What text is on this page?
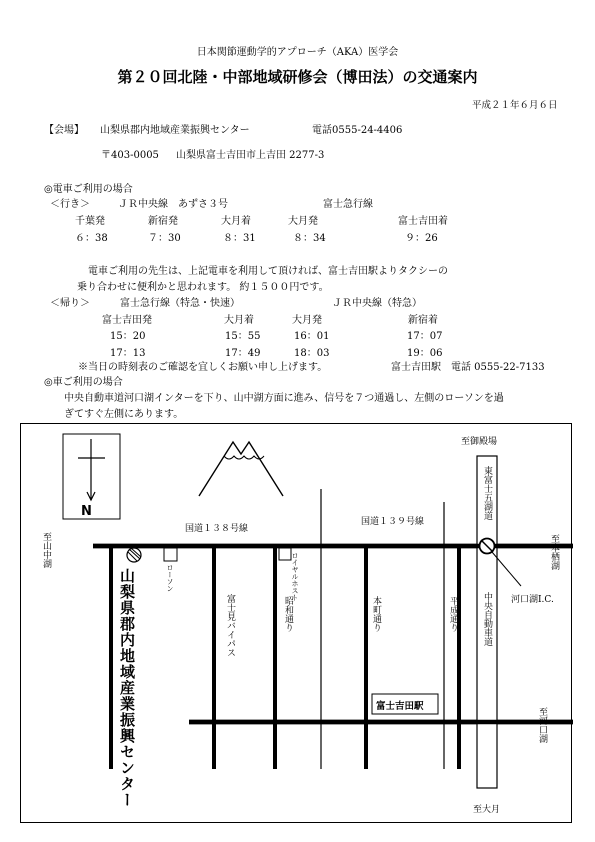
日本関節運動学的アプローチ（AKA）医学会
第２０回北陸・中部地域研修会（博田法）の交通案内
平成２１年６月６日
【会場】 山梨県郡内地域産業振興センター	電話0555-24-4406
〒403-0005 山梨県富士吉田市上吉田 2277-3
◎電車ご利用の場合
＜行き＞	ＪＲ中央線　あずさ３号	富士急行線
千葉発	新宿発	大月着	大月発	富士吉田着
６：38	７：30	８：31	８：34	９：26
電車ご利用の先生は、上記電車を利用して頂ければ、富士吉田駅よりタクシーの
乗り合わせに便利かと思われます。 約１５００円です。
＜帰り＞	富士急行線（特急・快速）	ＪＲ中央線（特急）
富士吉田発	大月着	大月発	新宿着
15：20	15：55	16：01	17：07
17：13	17：49	18：03	19：06
※当日の時刻表のご確認を宜しくお願い申し上げます。	富士吉田駅　電話 0555-22-7133
◎車ご利用の場合
中央自動車道河口湖インターを下り、山中湖方面に進み、信号を７つ通過し、左側のローソンを過
ぎてすぐ左側にあります。
N
至山中湖
至御殿場
至本栖湖
至河口湖
至大月
国道１３８号線
国道１３９号線
東富士五湖道
中央自動車道 河口湖I.C.
ローソン	ロイヤルホスト
富士見バイパス	昭和通り	本町通り	平成通り
富士吉田駅
山梨県郡内地域産業振興センター
